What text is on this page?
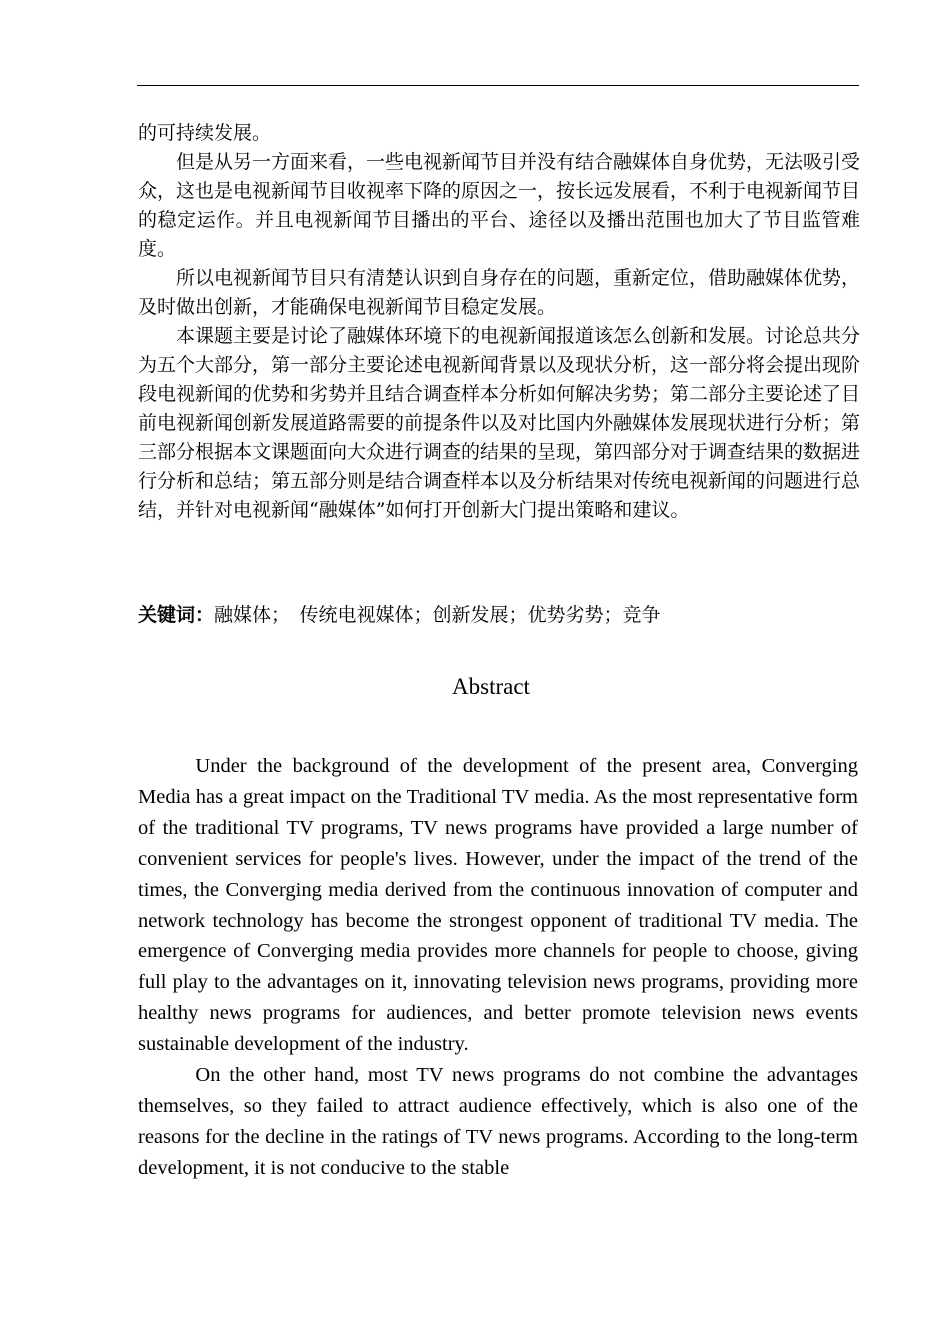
的可持续发展。

但是从另一方面来看，一些电视新闻节目并没有结合融媒体自身优势，无法吸引受众，这也是电视新闻节目收视率下降的原因之一，按长远发展看，不利于电视新闻节目的稳定运作。并且电视新闻节目播出的平台、途径以及播出范围也加大了节目监管难度。

所以电视新闻节目只有清楚认识到自身存在的问题，重新定位，借助融媒体优势，及时做出创新，才能确保电视新闻节目稳定发展。

本课题主要是讨论了融媒体环境下的电视新闻报道该怎么创新和发展。讨论总共分为五个大部分，第一部分主要论述电视新闻背景以及现状分析，这一部分将会提出现阶段电视新闻的优势和劣势并且结合调查样本分析如何解决劣势；第二部分主要论述了目前电视新闻创新发展道路需要的前提条件以及对比国内外融媒体发展现状进行分析；第三部分根据本文课题面向大众进行调查的结果的呈现，第四部分对于调查结果的数据进行分析和总结；第五部分则是结合调查样本以及分析结果对传统电视新闻的问题进行总结，并针对电视新闻“融媒体”如何打开创新大门提出策略和建议。

关键词：融媒体；　传统电视媒体；创新发展；优势劣势；竞争
Abstract

Under the background of the development of the present area, Converging Media has a great impact on the Traditional TV media. As the most representative form of the traditional TV programs, TV news programs have provided a large number of convenient services for people's lives. However, under the impact of the trend of the times, the Converging media derived from the continuous innovation of computer and network technology has become the strongest opponent of traditional TV media. The emergence of Converging media provides more channels for people to choose, giving full play to the advantages on it, innovating television news programs, providing more healthy news programs for audiences, and better promote television news events sustainable development of the industry.

On the other hand, most TV news programs do not combine the advantages themselves, so they failed to attract audience effectively, which is also one of the reasons for the decline in the ratings of TV news programs. According to the long-term development, it is not conducive to the stable
